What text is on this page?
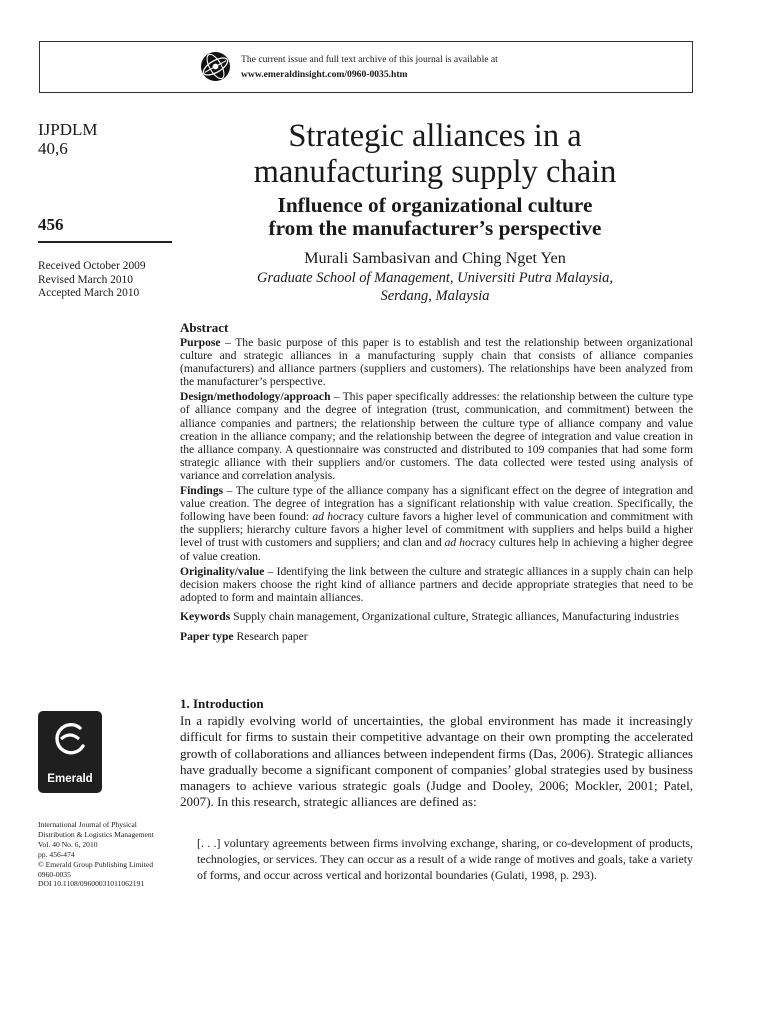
The current issue and full text archive of this journal is available at
www.emeraldinsight.com/0960-0035.htm
IJPDLM
40,6
456
Received October 2009
Revised March 2010
Accepted March 2010
Strategic alliances in a
manufacturing supply chain
Influence of organizational culture
from the manufacturer’s perspective
Murali Sambasivan and Ching Nget Yen
Graduate School of Management, Universiti Putra Malaysia,
Serdang, Malaysia
Abstract

Purpose – The basic purpose of this paper is to establish and test the relationship between organizational culture and strategic alliances in a manufacturing supply chain that consists of alliance companies (manufacturers) and alliance partners (suppliers and customers). The relationships have been analyzed from the manufacturer’s perspective.

Design/methodology/approach – This paper specifically addresses: the relationship between the culture type of alliance company and the degree of integration (trust, communication, and commitment) between the alliance companies and partners; the relationship between the culture type of alliance company and value creation in the alliance company; and the relationship between the degree of integration and value creation in the alliance company. A questionnaire was constructed and distributed to 109 companies that had some form strategic alliance with their suppliers and/or customers. The data collected were tested using analysis of variance and correlation analysis.

Findings – The culture type of the alliance company has a significant effect on the degree of integration and value creation. The degree of integration has a significant relationship with value creation. Specifically, the following have been found: ad hocracy culture favors a higher level of communication and commitment with the suppliers; hierarchy culture favors a higher level of commitment with suppliers and helps build a higher level of trust with customers and suppliers; and clan and ad hocracy cultures help in achieving a higher degree of value creation.

Originality/value – Identifying the link between the culture and strategic alliances in a supply chain can help decision makers choose the right kind of alliance partners and decide appropriate strategies that need to be adopted to form and maintain alliances.

Keywords Supply chain management, Organizational culture, Strategic alliances, Manufacturing industries

Paper type Research paper

1. Introduction

In a rapidly evolving world of uncertainties, the global environment has made it increasingly difficult for firms to sustain their competitive advantage on their own prompting the accelerated growth of collaborations and alliances between independent firms (Das, 2006). Strategic alliances have gradually become a significant component of companies’ global strategies used by business managers to achieve various strategic goals (Judge and Dooley, 2006; Mockler, 2001; Patel, 2007). In this research, strategic alliances are defined as:

[. . .] voluntary agreements between firms involving exchange, sharing, or co-development of products, technologies, or services. They can occur as a result of a wide range of motives and goals, take a variety of forms, and occur across vertical and horizontal boundaries (Gulati, 1998, p. 293).
Emerald
International Journal of Physical
Distribution & Logistics Management
Vol. 40 No. 6, 2010
pp. 456-474
© Emerald Group Publishing Limited
0960-0035
DOI 10.1108/09600031011062191
